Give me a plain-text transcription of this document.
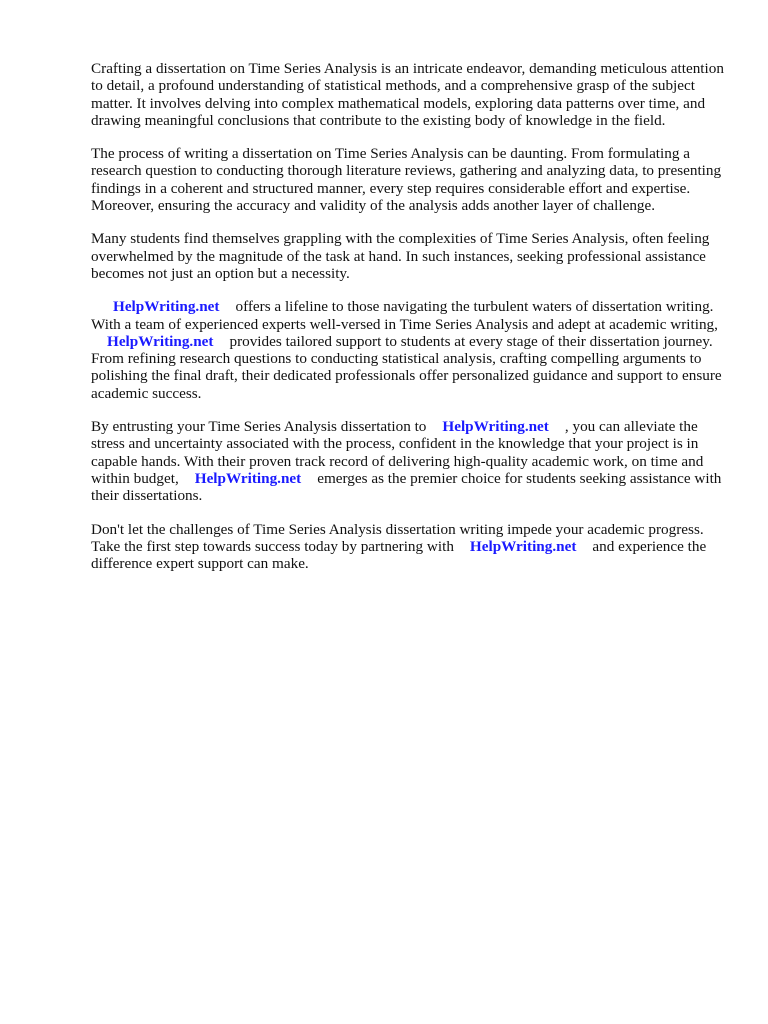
Crafting a dissertation on Time Series Analysis is an intricate endeavor, demanding meticulous attention to detail, a profound understanding of statistical methods, and a comprehensive grasp of the subject matter. It involves delving into complex mathematical models, exploring data patterns over time, and drawing meaningful conclusions that contribute to the existing body of knowledge in the field.

The process of writing a dissertation on Time Series Analysis can be daunting. From formulating a research question to conducting thorough literature reviews, gathering and analyzing data, to presenting findings in a coherent and structured manner, every step requires considerable effort and expertise. Moreover, ensuring the accuracy and validity of the analysis adds another layer of challenge.

Many students find themselves grappling with the complexities of Time Series Analysis, often feeling overwhelmed by the magnitude of the task at hand. In such instances, seeking professional assistance becomes not just an option but a necessity.

HelpWriting.net offers a lifeline to those navigating the turbulent waters of dissertation writing. With a team of experienced experts well-versed in Time Series Analysis and adept at academic writing,HelpWriting.net provides tailored support to students at every stage of their dissertation journey. From refining research questions to conducting statistical analysis, crafting compelling arguments to polishing the final draft, their dedicated professionals offer personalized guidance and support to ensure academic success.

By entrusting your Time Series Analysis dissertation to HelpWriting.net , you can alleviate the stress and uncertainty associated with the process, confident in the knowledge that your project is in capable hands. With their proven track record of delivering high-quality academic work, on time and within budget, HelpWriting.net emerges as the premier choice for students seeking assistance with their dissertations.

Don't let the challenges of Time Series Analysis dissertation writing impede your academic progress. Take the first step towards success today by partnering with HelpWriting.net and experience the difference expert support can make.
